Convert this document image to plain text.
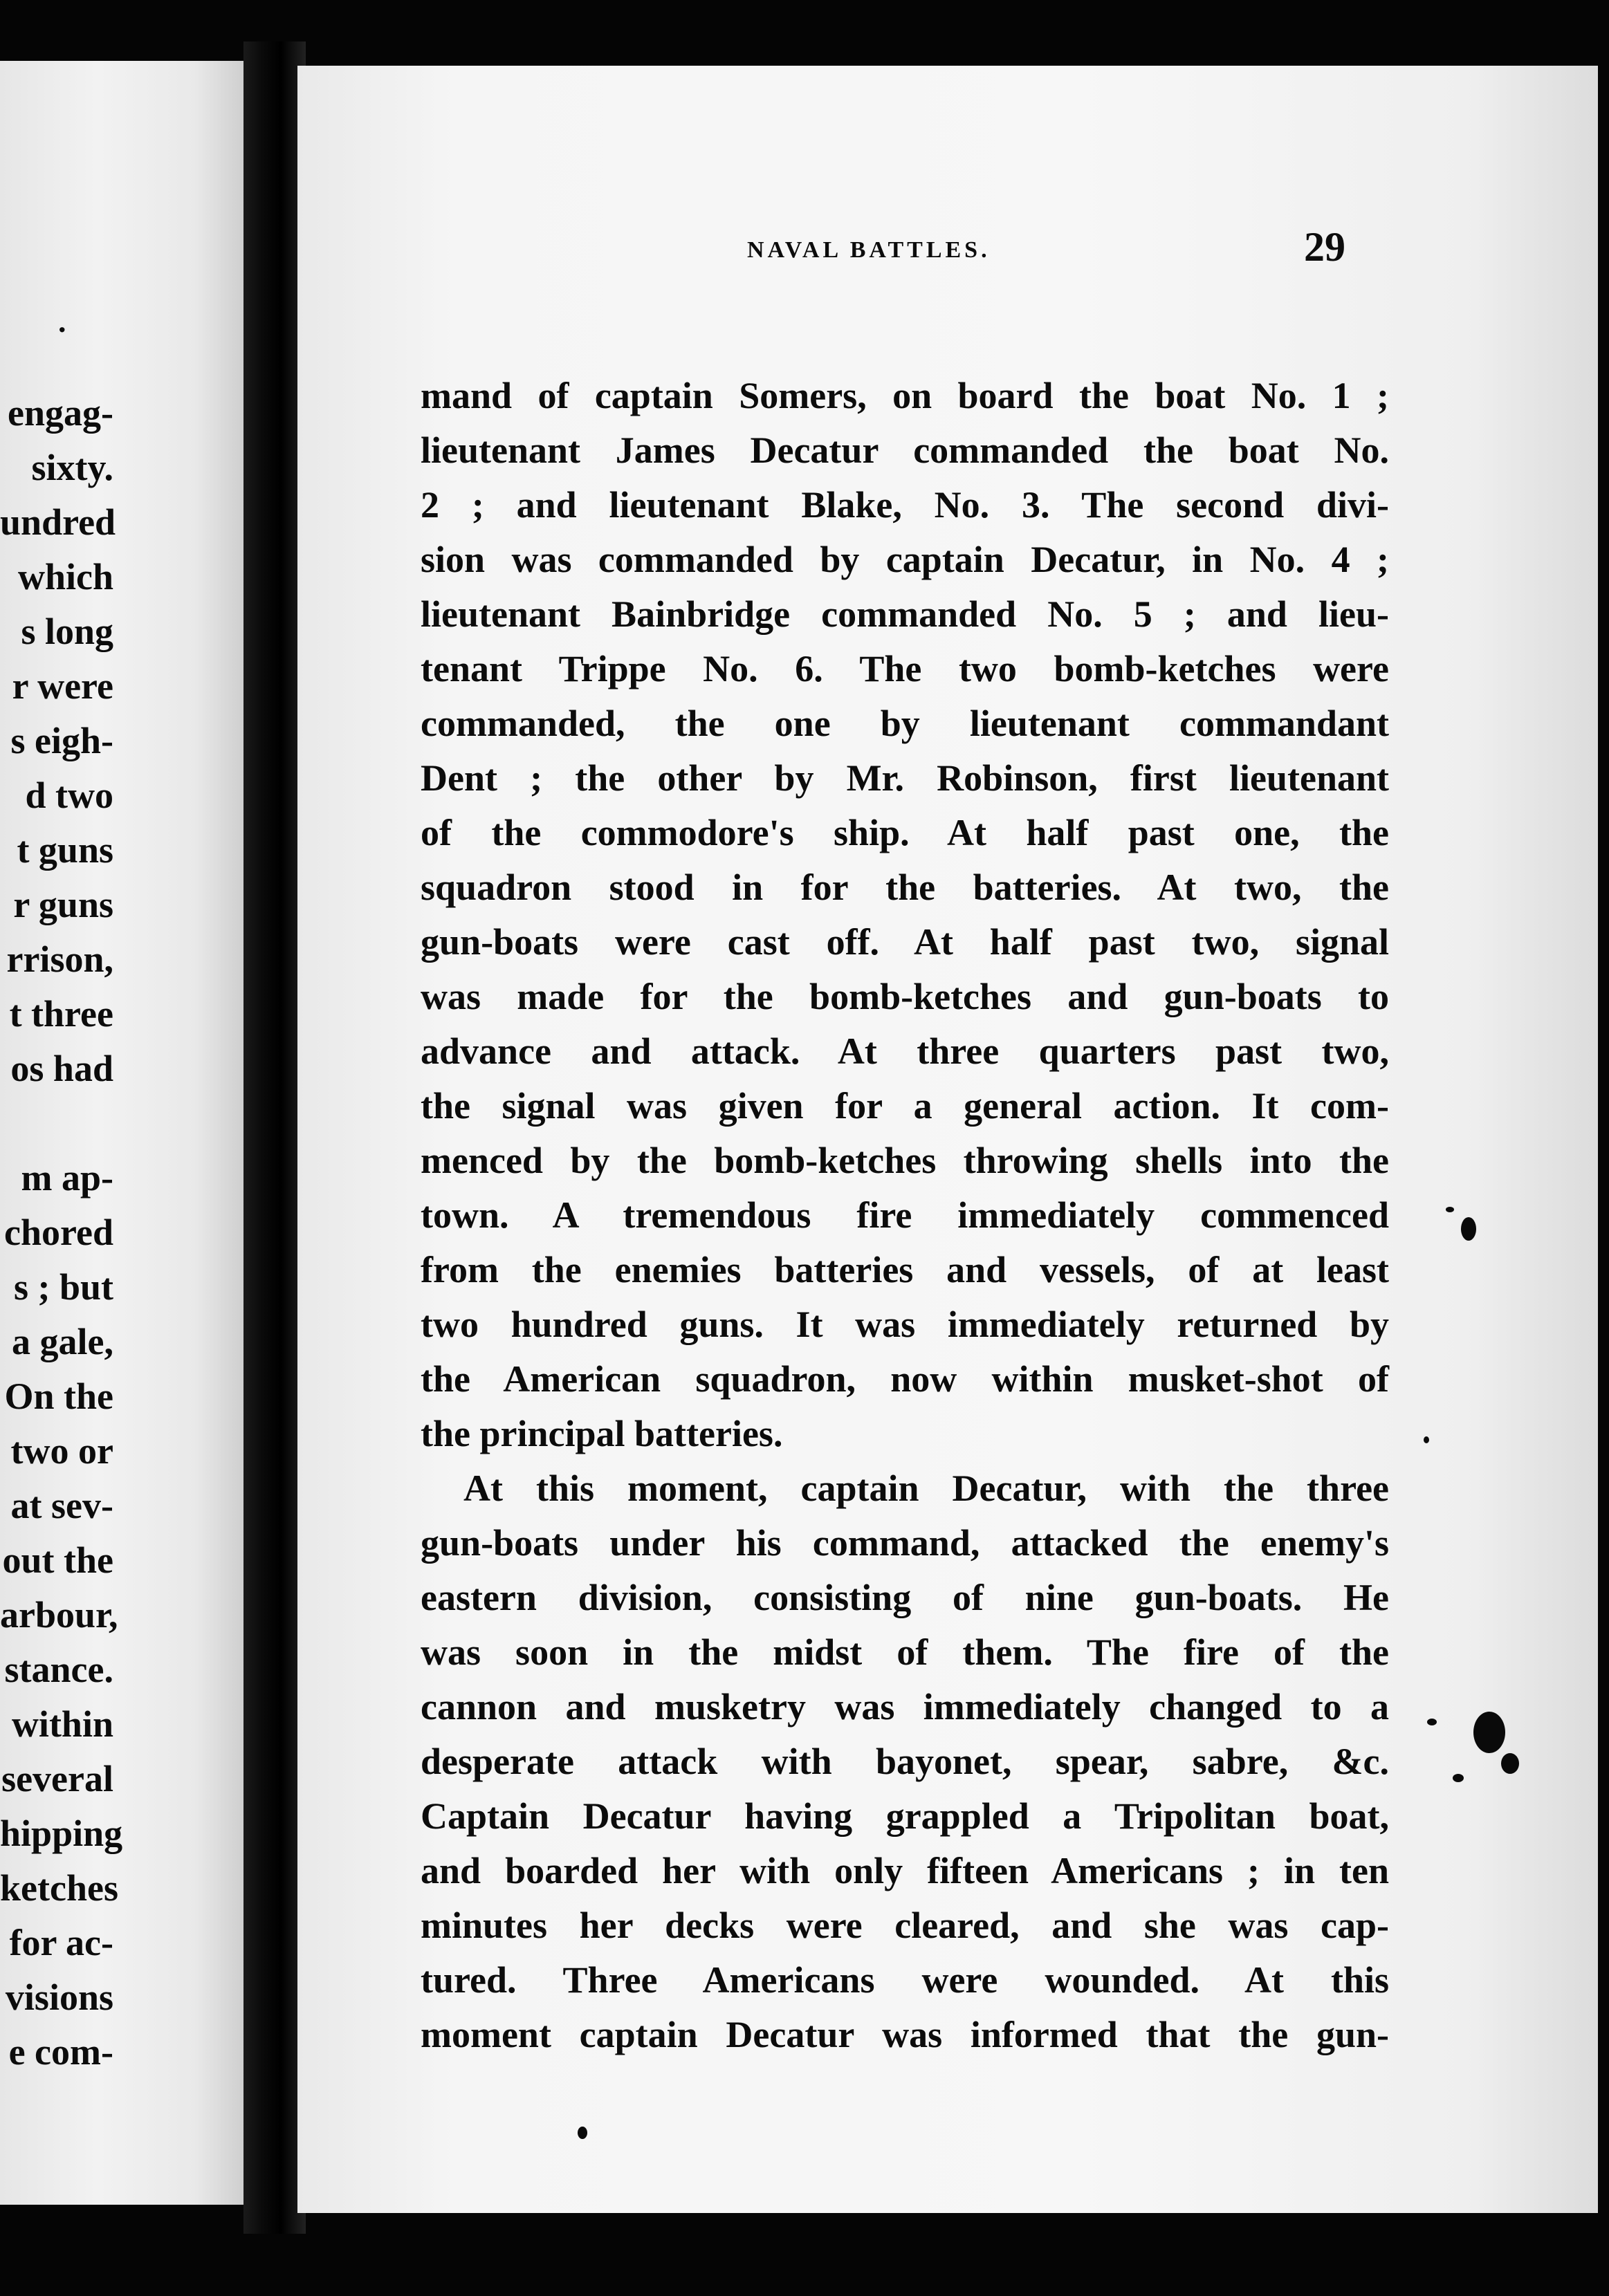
.
engag-
sixty.
undred
which
s long
r were
s eigh-
d two
t guns
r guns
rrison,
t three
os had
m ap-
chored
s ; but
a gale,
On the
two or
at sev-
out the
arbour,
stance.
within
several
hipping
ketches
for ac-
visions
e com-
NAVAL BATTLES.	29
mand of captain Somers, on board the boat No. 1 ;
lieutenant James Decatur commanded the boat No.
2 ; and lieutenant Blake, No. 3. The second divi-
sion was commanded by captain Decatur, in No. 4 ;
lieutenant Bainbridge commanded No. 5 ; and lieu-
tenant Trippe No. 6. The two bomb-ketches were
commanded, the one by lieutenant commandant
Dent ; the other by Mr. Robinson, first lieutenant
of the commodore's ship. At half past one, the
squadron stood in for the batteries. At two, the
gun-boats were cast off. At half past two, signal
was made for the bomb-ketches and gun-boats to
advance and attack. At three quarters past two,
the signal was given for a general action. It com-
menced by the bomb-ketches throwing shells into the
town. A tremendous fire immediately commenced
from the enemies batteries and vessels, of at least
two hundred guns. It was immediately returned by
the American squadron, now within musket-shot of
the principal batteries.
At this moment, captain Decatur, with the three
gun-boats under his command, attacked the enemy's
eastern division, consisting of nine gun-boats. He
was soon in the midst of them. The fire of the
cannon and musketry was immediately changed to a
desperate attack with bayonet, spear, sabre, &c.
Captain Decatur having grappled a Tripolitan boat,
and boarded her with only fifteen Americans ; in ten
minutes her decks were cleared, and she was cap-
tured. Three Americans were wounded. At this
moment captain Decatur was informed that the gun-
